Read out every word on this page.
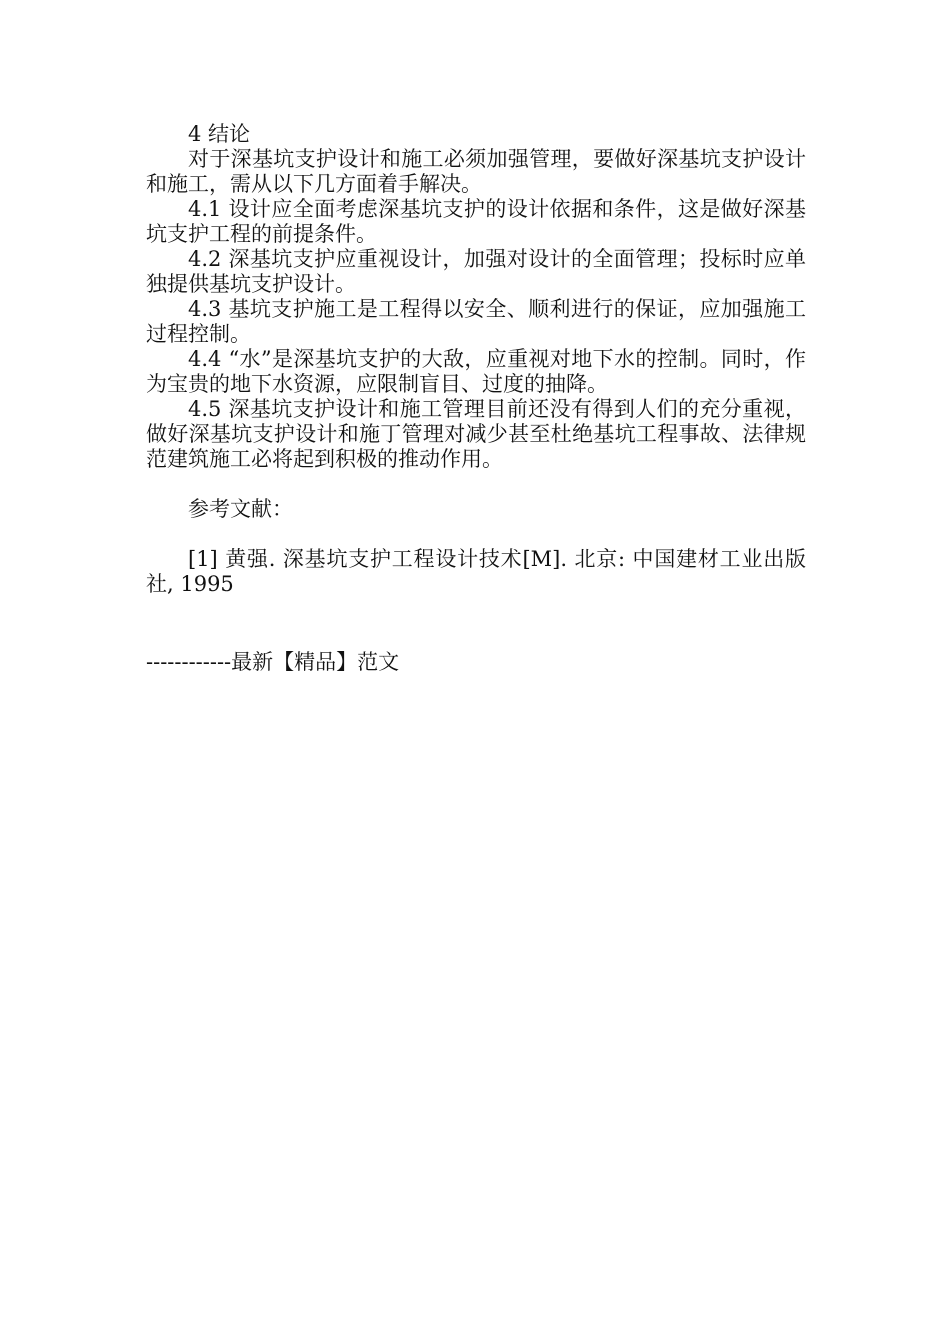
4 结论

对于深基坑支护设计和施工必须加强管理，要做好深基坑支护设计和施工，需从以下几方面着手解决。

4.1 设计应全面考虑深基坑支护的设计依据和条件，这是做好深基坑支护工程的前提条件。

4.2 深基坑支护应重视设计，加强对设计的全面管理；投标时应单独提供基坑支护设计。

4.3 基坑支护施工是工程得以安全、顺利进行的保证，应加强施工过程控制。

4.4 “水”是深基坑支护的大敌，应重视对地下水的控制。同时，作为宝贵的地下水资源，应限制盲目、过度的抽降。

4.5 深基坑支护设计和施工管理目前还没有得到人们的充分重视，做好深基坑支护设计和施丁管理对减少甚至杜绝基坑工程事故、法律规范建筑施工必将起到积极的推动作用。

参考文献：

[1] 黄强. 深基坑支护工程设计技术[M]. 北京: 中国建材工业出版社, 1995

------------最新【精品】范文
